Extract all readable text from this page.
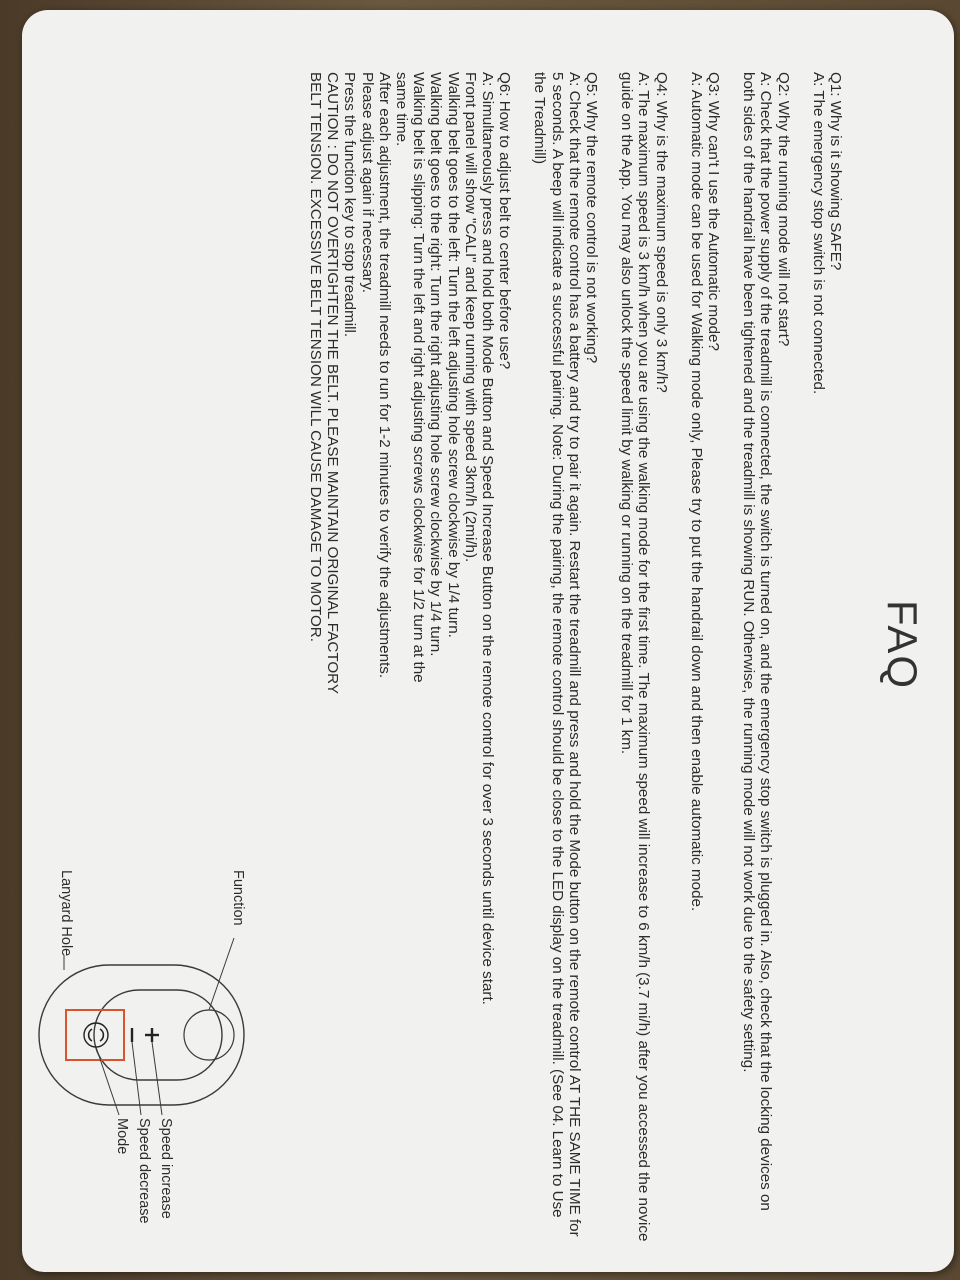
FAQ

Q1: Why is it showing SAFE?

A: The emergency stop switch is not connected.

Q2: Why the running mode will not start?

A: Check that the power supply of the treadmill is connected, the switch is turned on, and the emergency stop switch is plugged in. Also, check that the locking devices on both sides of the handrail have been tightened and the treadmill is showing RUN. Otherwise, the running mode will not work due to the safety setting.

Q3: Why can't I use the Automatic mode?

A: Automatic mode can be used for Walking mode only, Please try to put the handrail down and then enable automatic mode.

Q4: Why is the maximum speed is only 3 km/h?

A: The maximum speed is 3 km/h when you are using the walking mode for the first time. The maximum speed will increase to 6 km/h (3.7 mi/h) after you accessed the novice guide on the App. You may also unlock the speed limit by walking or running on the treadmill for 1 km.

Q5: Why the remote control is not working?

A: Check that the remote control has a battery and try to pair it again. Restart the treadmill and press and hold the Mode button on the remote control AT THE SAME TIME for 5 seconds. A beep will indicate a successful pairing. Note: During the pairing, the remote control should be close to the LED display on the treadmill. (See 04. Learn to Use the Treadmill)

Q6: How to adjust belt to center before use?

A: Simultaneously press and hold both Mode Button and Speed Increase Button on the remote control for over 3 seconds until device start.

Front panel will show "CALI" and keep running with speed 3km/h (2mi/h).

Walking belt goes to the left: Turn the left adjusting hole screw clockwise by 1/4 turn.

Walking belt goes to the right: Turn the right adjusting hole screw clockwise by 1/4 turn.

Walking belt is slipping: Turn the left and right adjusting screws clockwise for 1/2 turn at the

same time.

After each adjustment, the treadmill needs to run for 1-2 minutes to verify the adjustments.

Please adjust again if necessary.

Press the function key to stop treadmill.

CAUTION : DO NOT OVERTIGHTEN THE BELT. PLEASE MAINTAIN ORIGINAL FACTORY

BELT TENSION. EXCESSIVE BELT TENSION WILL CAUSE DAMAGE TO MOTOR.

Speed increase
Speed decrease
Mode
Function
Lanyard Hole
